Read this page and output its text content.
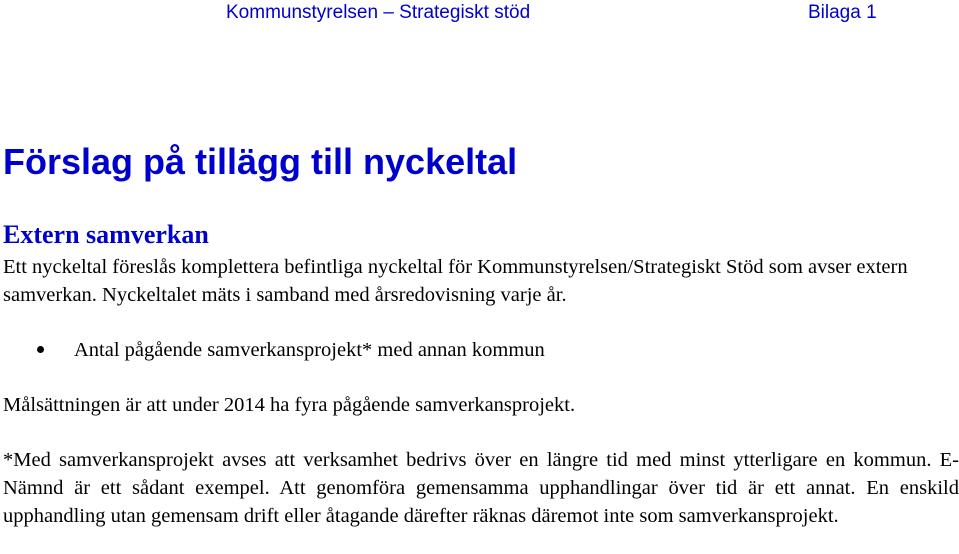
Kommunstyrelsen – Strategiskt stöd	Bilaga 1
Förslag på tillägg till nyckeltal
Extern samverkan

Ett nyckeltal föreslås komplettera befintliga nyckeltal för Kommunstyrelsen/Strategiskt Stöd som avser extern samverkan. Nyckeltalet mäts i samband med årsredovisning varje år.

Antal pågående samverkansprojekt* med annan kommun

Målsättningen är att under 2014 ha fyra pågående samverkansprojekt.

*Med samverkansprojekt avses att verksamhet bedrivs över en längre tid med minst ytterligare en kommun. E-Nämnd är ett sådant exempel. Att genomföra gemensamma upphandlingar över tid är ett annat. En enskild upphandling utan gemensam drift eller åtagande därefter räknas däremot inte som samverkansprojekt.
